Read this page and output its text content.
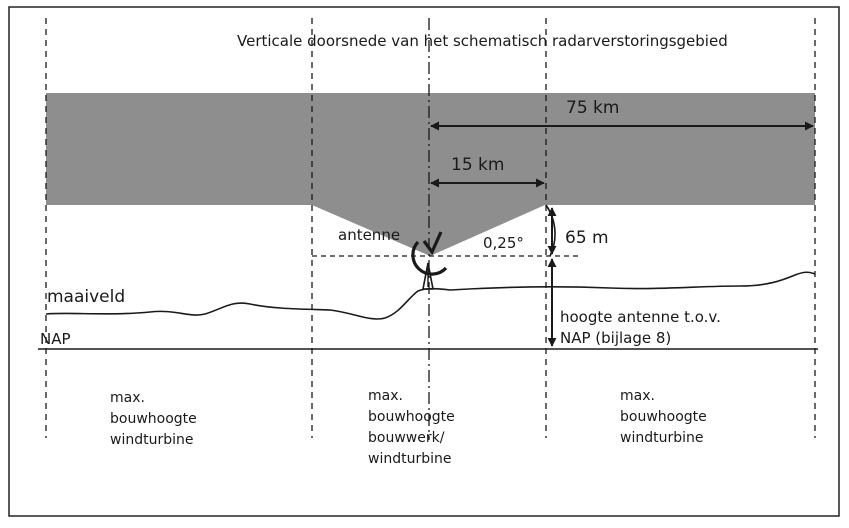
Verticale doorsnede van het schematisch radarverstoringsgebied
75 km
15 km
0,25° 65 m
hoogte antenne t.o.v.
NAP (bijlage 8)
maaiveld
NAP
antenne
max.
bouwhoogte
windturbine
max.
bouwhoogte
bouwwerk/
windturbine
max.
bouwhoogte
windturbine
